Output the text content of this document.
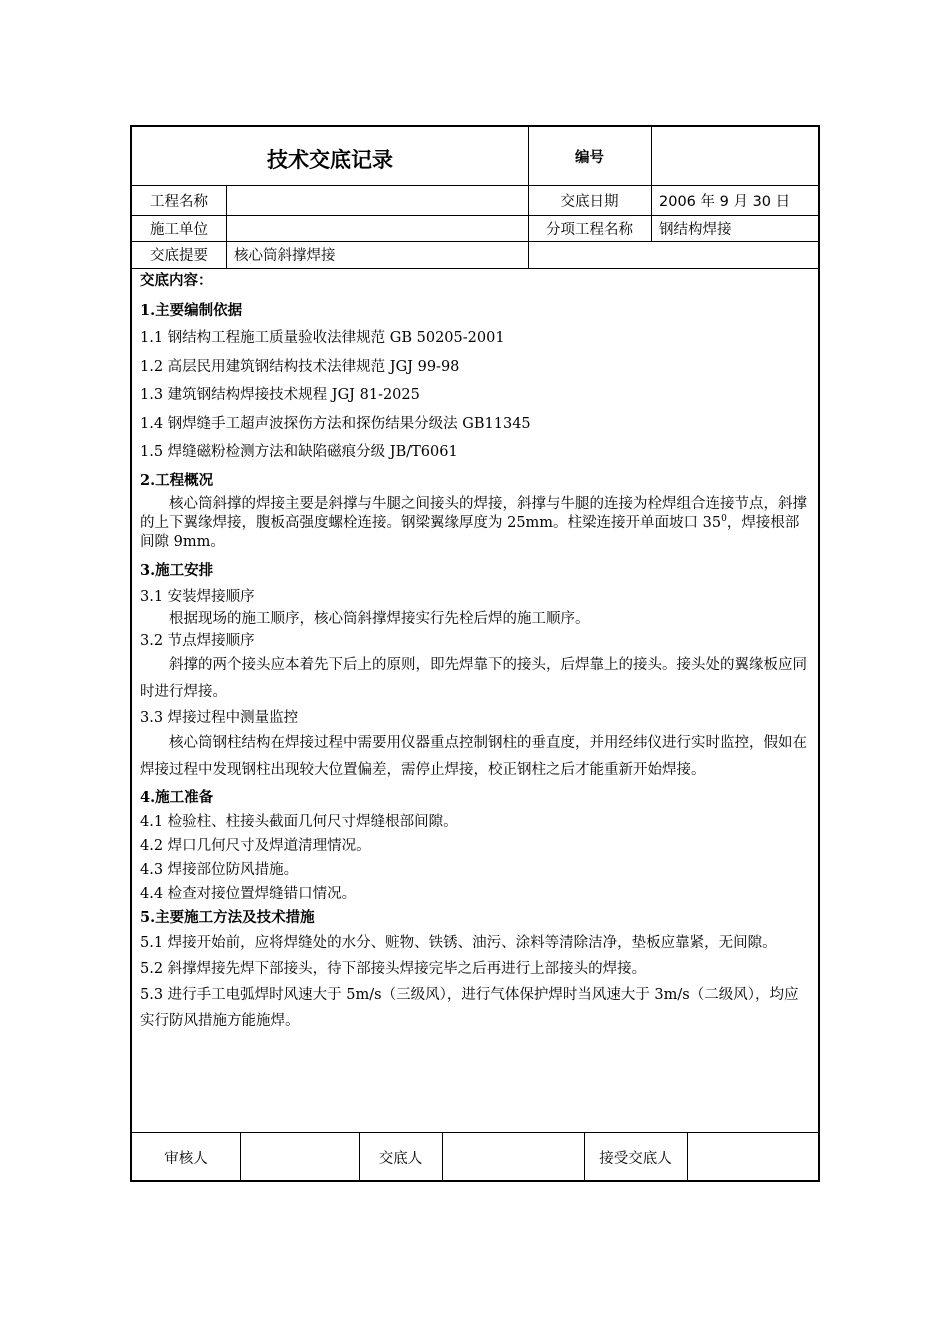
技术交底记录	编号
工程名称	交底日期	2006 年 9 月 30 日
施工单位	分项工程名称	钢结构焊接
交底提要	核心筒斜撑焊接

交底内容：

1.主要编制依据

1.1 钢结构工程施工质量验收法律规范 GB 50205-2001

1.2 高层民用建筑钢结构技术法律规范 JGJ 99-98

1.3 建筑钢结构焊接技术规程 JGJ 81-2025

1.4 钢焊缝手工超声波探伤方法和探伤结果分级法 GB11345

1.5 焊缝磁粉检测方法和缺陷磁痕分级 JB/T6061

2.工程概况

核心筒斜撑的焊接主要是斜撑与牛腿之间接头的焊接，斜撑与牛腿的连接为栓焊组合连接节点，斜撑的上下翼缘焊接，腹板高强度螺栓连接。钢梁翼缘厚度为 25mm。柱梁连接开单面坡口 $35^0$，焊接根部间隙 9mm。

3.施工安排

3.1 安装焊接顺序

根据现场的施工顺序，核心筒斜撑焊接实行先栓后焊的施工顺序。

3.2 节点焊接顺序

斜撑的两个接头应本着先下后上的原则，即先焊靠下的接头，后焊靠上的接头。接头处的翼缘板应同时进行焊接。

3.3 焊接过程中测量监控

核心筒钢柱结构在焊接过程中需要用仪器重点控制钢柱的垂直度，并用经纬仪进行实时监控，假如在焊接过程中发现钢柱出现较大位置偏差，需停止焊接，校正钢柱之后才能重新开始焊接。

4.施工准备

4.1 检验柱、柱接头截面几何尺寸焊缝根部间隙。

4.2 焊口几何尺寸及焊道清理情况。

4.3 焊接部位防风措施。

4.4 检查对接位置焊缝错口情况。

5.主要施工方法及技术措施

5.1 焊接开始前，应将焊缝处的水分、赃物、铁锈、油污、涂料等清除洁净，垫板应靠紧，无间隙。

5.2 斜撑焊接先焊下部接头，待下部接头焊接完毕之后再进行上部接头的焊接。

5.3 进行手工电弧焊时风速大于 5m/s（三级风），进行气体保护焊时当风速大于 3m/s（二级风），均应实行防风措施方能施焊。

审核人	交底人	接受交底人
